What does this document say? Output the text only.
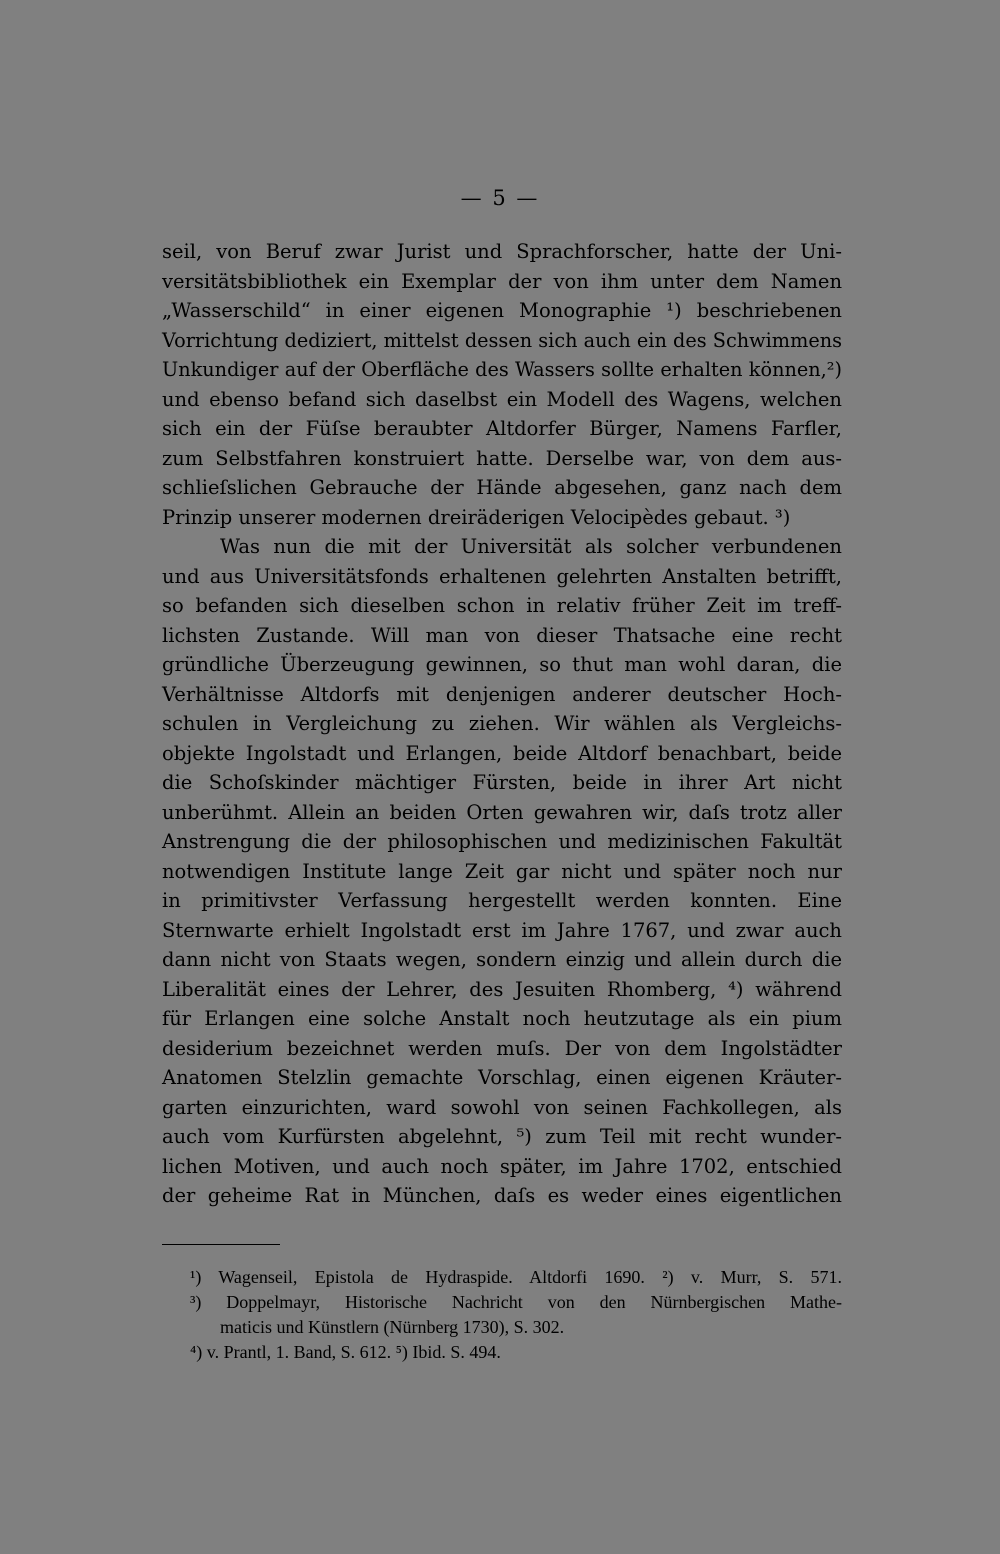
— 5 —
seil, von Beruf zwar Jurist und Sprachforscher, hatte der Uni-
versitätsbibliothek ein Exemplar der von ihm unter dem Namen
„Wasserschild“ in einer eigenen Monographie ¹) beschriebenen
Vorrichtung dediziert, mittelst dessen sich auch ein des Schwimmens
Unkundiger auf der Oberfläche des Wassers sollte erhalten können,²)
und ebenso befand sich daselbst ein Modell des Wagens, welchen
sich ein der Füſse beraubter Altdorfer Bürger, Namens Farfler,
zum Selbstfahren konstruiert hatte. Derselbe war, von dem aus-
schlieſslichen Gebrauche der Hände abgesehen, ganz nach dem
Prinzip unserer modernen dreiräderigen Velocipèdes gebaut. ³)
Was nun die mit der Universität als solcher verbundenen
und aus Universitätsfonds erhaltenen gelehrten Anstalten betrifft,
so befanden sich dieselben schon in relativ früher Zeit im treff-
lichsten Zustande. Will man von dieser Thatsache eine recht
gründliche Überzeugung gewinnen, so thut man wohl daran, die
Verhältnisse Altdorfs mit denjenigen anderer deutscher Hoch-
schulen in Vergleichung zu ziehen. Wir wählen als Vergleichs-
objekte Ingolstadt und Erlangen, beide Altdorf benachbart, beide
die Schoſskinder mächtiger Fürsten, beide in ihrer Art nicht
unberühmt. Allein an beiden Orten gewahren wir, daſs trotz aller
Anstrengung die der philosophischen und medizinischen Fakultät
notwendigen Institute lange Zeit gar nicht und später noch nur
in primitivster Verfassung hergestellt werden konnten. Eine
Sternwarte erhielt Ingolstadt erst im Jahre 1767, und zwar auch
dann nicht von Staats wegen, sondern einzig und allein durch die
Liberalität eines der Lehrer, des Jesuiten Rhomberg, ⁴) während
für Erlangen eine solche Anstalt noch heutzutage als ein pium
desiderium bezeichnet werden muſs. Der von dem Ingolstädter
Anatomen Stelzlin gemachte Vorschlag, einen eigenen Kräuter-
garten einzurichten, ward sowohl von seinen Fachkollegen, als
auch vom Kurfürsten abgelehnt, ⁵) zum Teil mit recht wunder-
lichen Motiven, und auch noch später, im Jahre 1702, entschied
der geheime Rat in München, daſs es weder eines eigentlichen
¹) Wagenseil, Epistola de Hydraspide. Altdorfi 1690. ²) v. Murr, S. 571.
³) Doppelmayr, Historische Nachricht von den Nürnbergischen Mathe-
maticis und Künstlern (Nürnberg 1730), S. 302.
⁴) v. Prantl, 1. Band, S. 612. ⁵) Ibid. S. 494.
